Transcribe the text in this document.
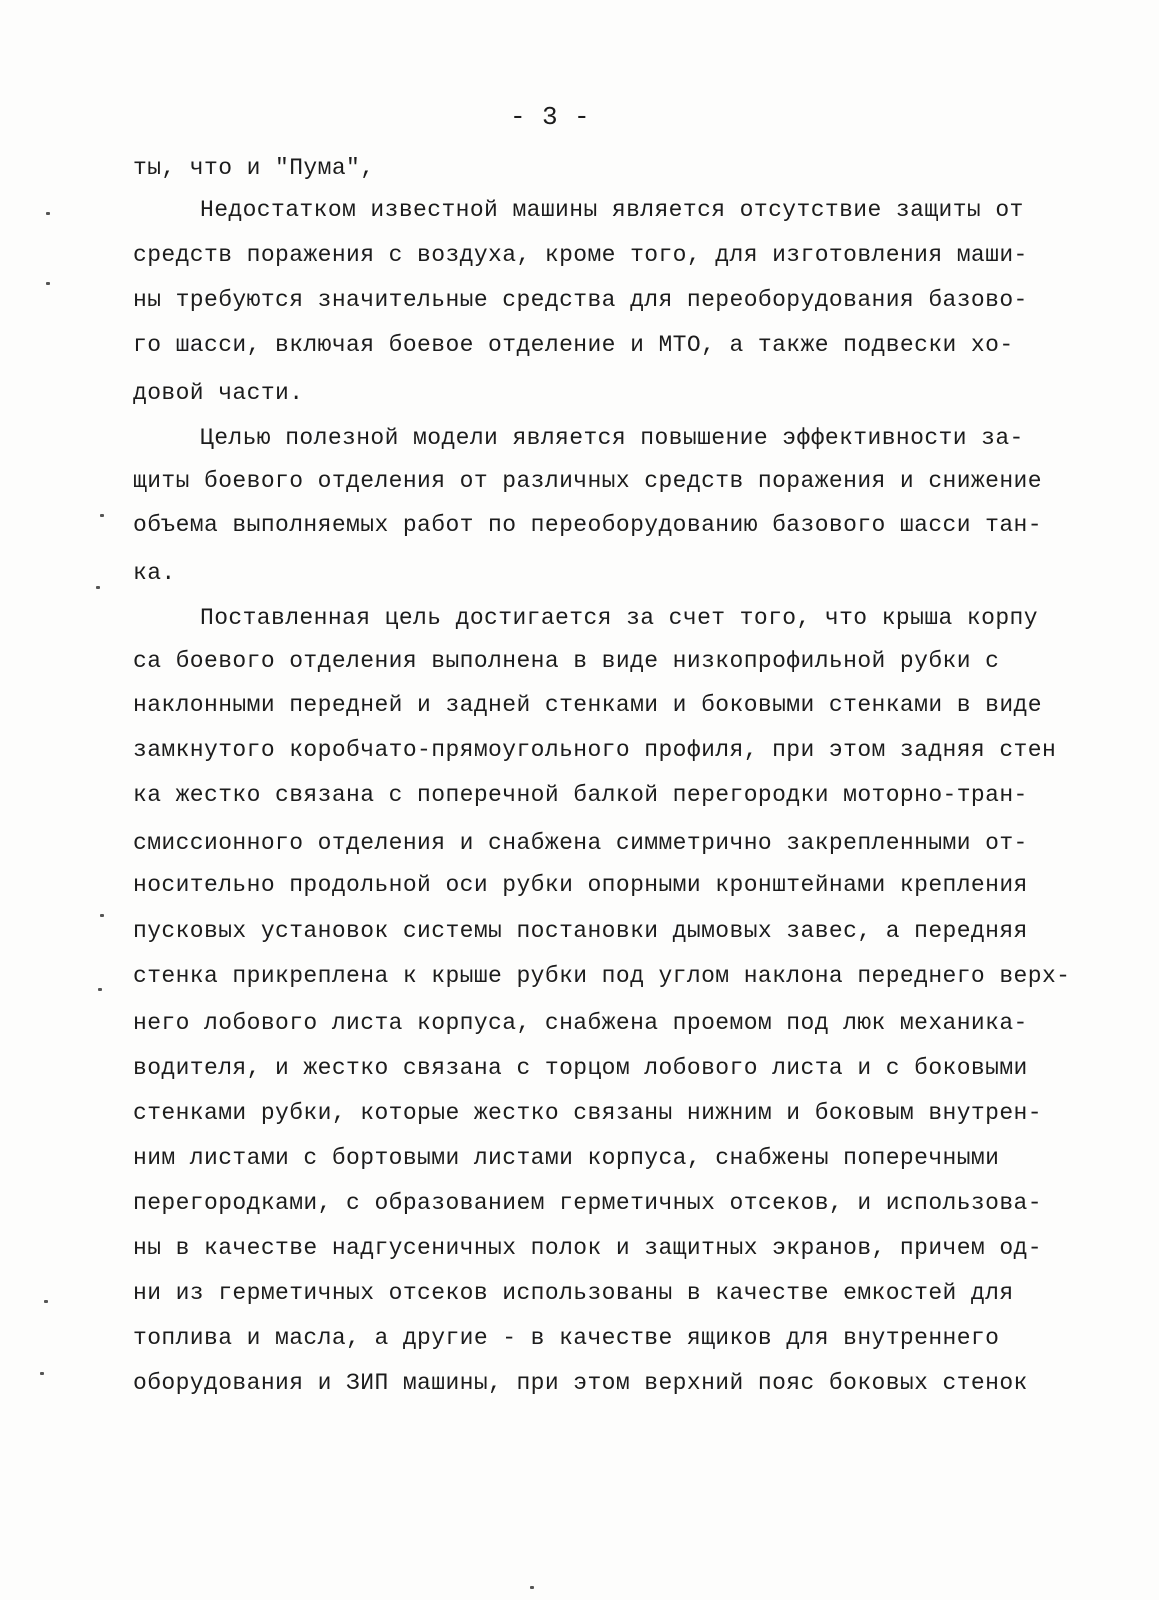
- 3 -
ты, что и "Пума",
Недостатком известной машины является отсутствие защиты от
средств поражения с воздуха, кроме того, для изготовления маши-
ны требуются значительные средства для переоборудования базово-
го шасси, включая боевое отделение и МТО, а также подвески хо-
довой части.
Целью полезной модели является повышение эффективности за-
щиты боевого отделения от различных средств поражения и снижение
объема выполняемых работ по переоборудованию базового шасси тан-
ка.
Поставленная цель достигается за счет того, что крыша корпу
са боевого отделения выполнена в виде низкопрофильной рубки с
наклонными передней и задней стенками и боковыми стенками в виде
замкнутого коробчато-прямоугольного профиля, при этом задняя стен
ка жестко связана с поперечной балкой перегородки моторно-тран-
смиссионного отделения и снабжена симметрично закрепленными от-
носительно продольной оси рубки опорными кронштейнами крепления
пусковых установок системы постановки дымовых завес, а передняя
стенка прикреплена к крыше рубки под углом наклона переднего верх-
него лобового листа корпуса, снабжена проемом под люк механика-
водителя, и жестко связана с торцом лобового листа и с боковыми
стенками рубки, которые жестко связаны нижним и боковым внутрен-
ним листами с бортовыми листами корпуса, снабжены поперечными
перегородками, с образованием герметичных отсеков, и использова-
ны в качестве надгусеничных полок и защитных экранов, причем од-
ни из герметичных отсеков использованы в качестве емкостей для
топлива и масла, а другие - в качестве ящиков для внутреннего
оборудования и ЗИП машины, при этом верхний пояс боковых стенок
